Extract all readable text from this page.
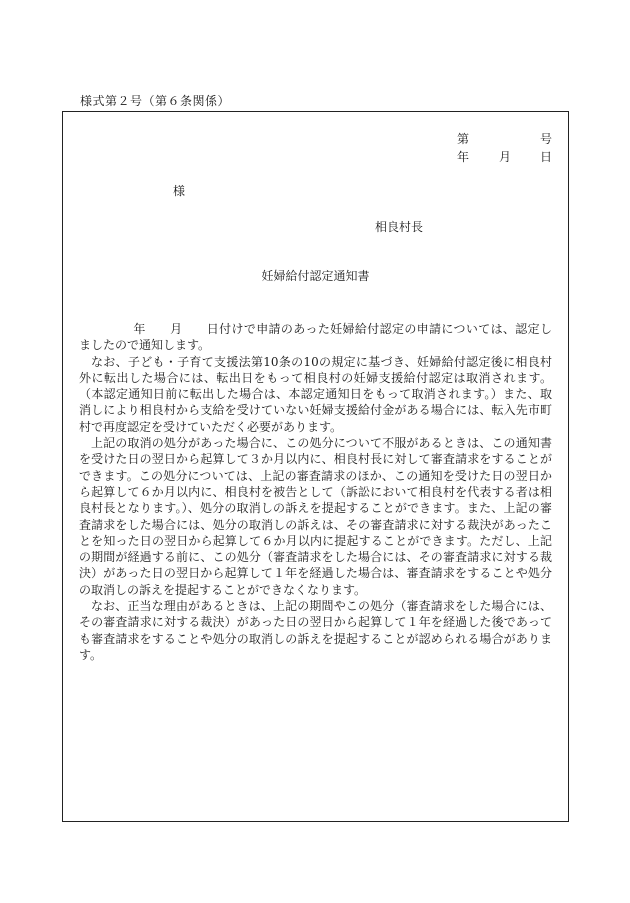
様式第２号（第６条関係）
第	号
年 月 日
様
相良村長
妊婦給付認定通知書

年 月 日付けで申請のあった妊婦給付認定の申請については、認定しましたので通知します。

なお、子ども・子育て支援法第10条の10の規定に基づき、妊婦給付認定後に相良村外に転出した場合には、転出日をもって相良村の妊婦支援給付認定は取消されます。（本認定通知日前に転出した場合は、本認定通知日をもって取消されます。）また、取消しにより相良村から支給を受けていない妊婦支援給付金がある場合には、転入先市町村で再度認定を受けていただく必要があります。

上記の取消の処分があった場合に、この処分について不服があるときは、この通知書を受けた日の翌日から起算して３か月以内に、相良村長に対して審査請求をすることができます。この処分については、上記の審査請求のほか、この通知を受けた日の翌日から起算して６か月以内に、相良村を被告として（訴訟において相良村を代表する者は相良村長となります。）、処分の取消しの訴えを提起することができます。また、上記の審査請求をした場合には、処分の取消しの訴えは、その審査請求に対する裁決があったことを知った日の翌日から起算して６か月以内に提起することができます。ただし、上記の期間が経過する前に、この処分（審査請求をした場合には、その審査請求に対する裁決）があった日の翌日から起算して１年を経過した場合は、審査請求をすることや処分の取消しの訴えを提起することができなくなります。

なお、正当な理由があるときは、上記の期間やこの処分（審査請求をした場合には、その審査請求に対する裁決）があった日の翌日から起算して１年を経過した後であっても審査請求をすることや処分の取消しの訴えを提起することが認められる場合があります。
